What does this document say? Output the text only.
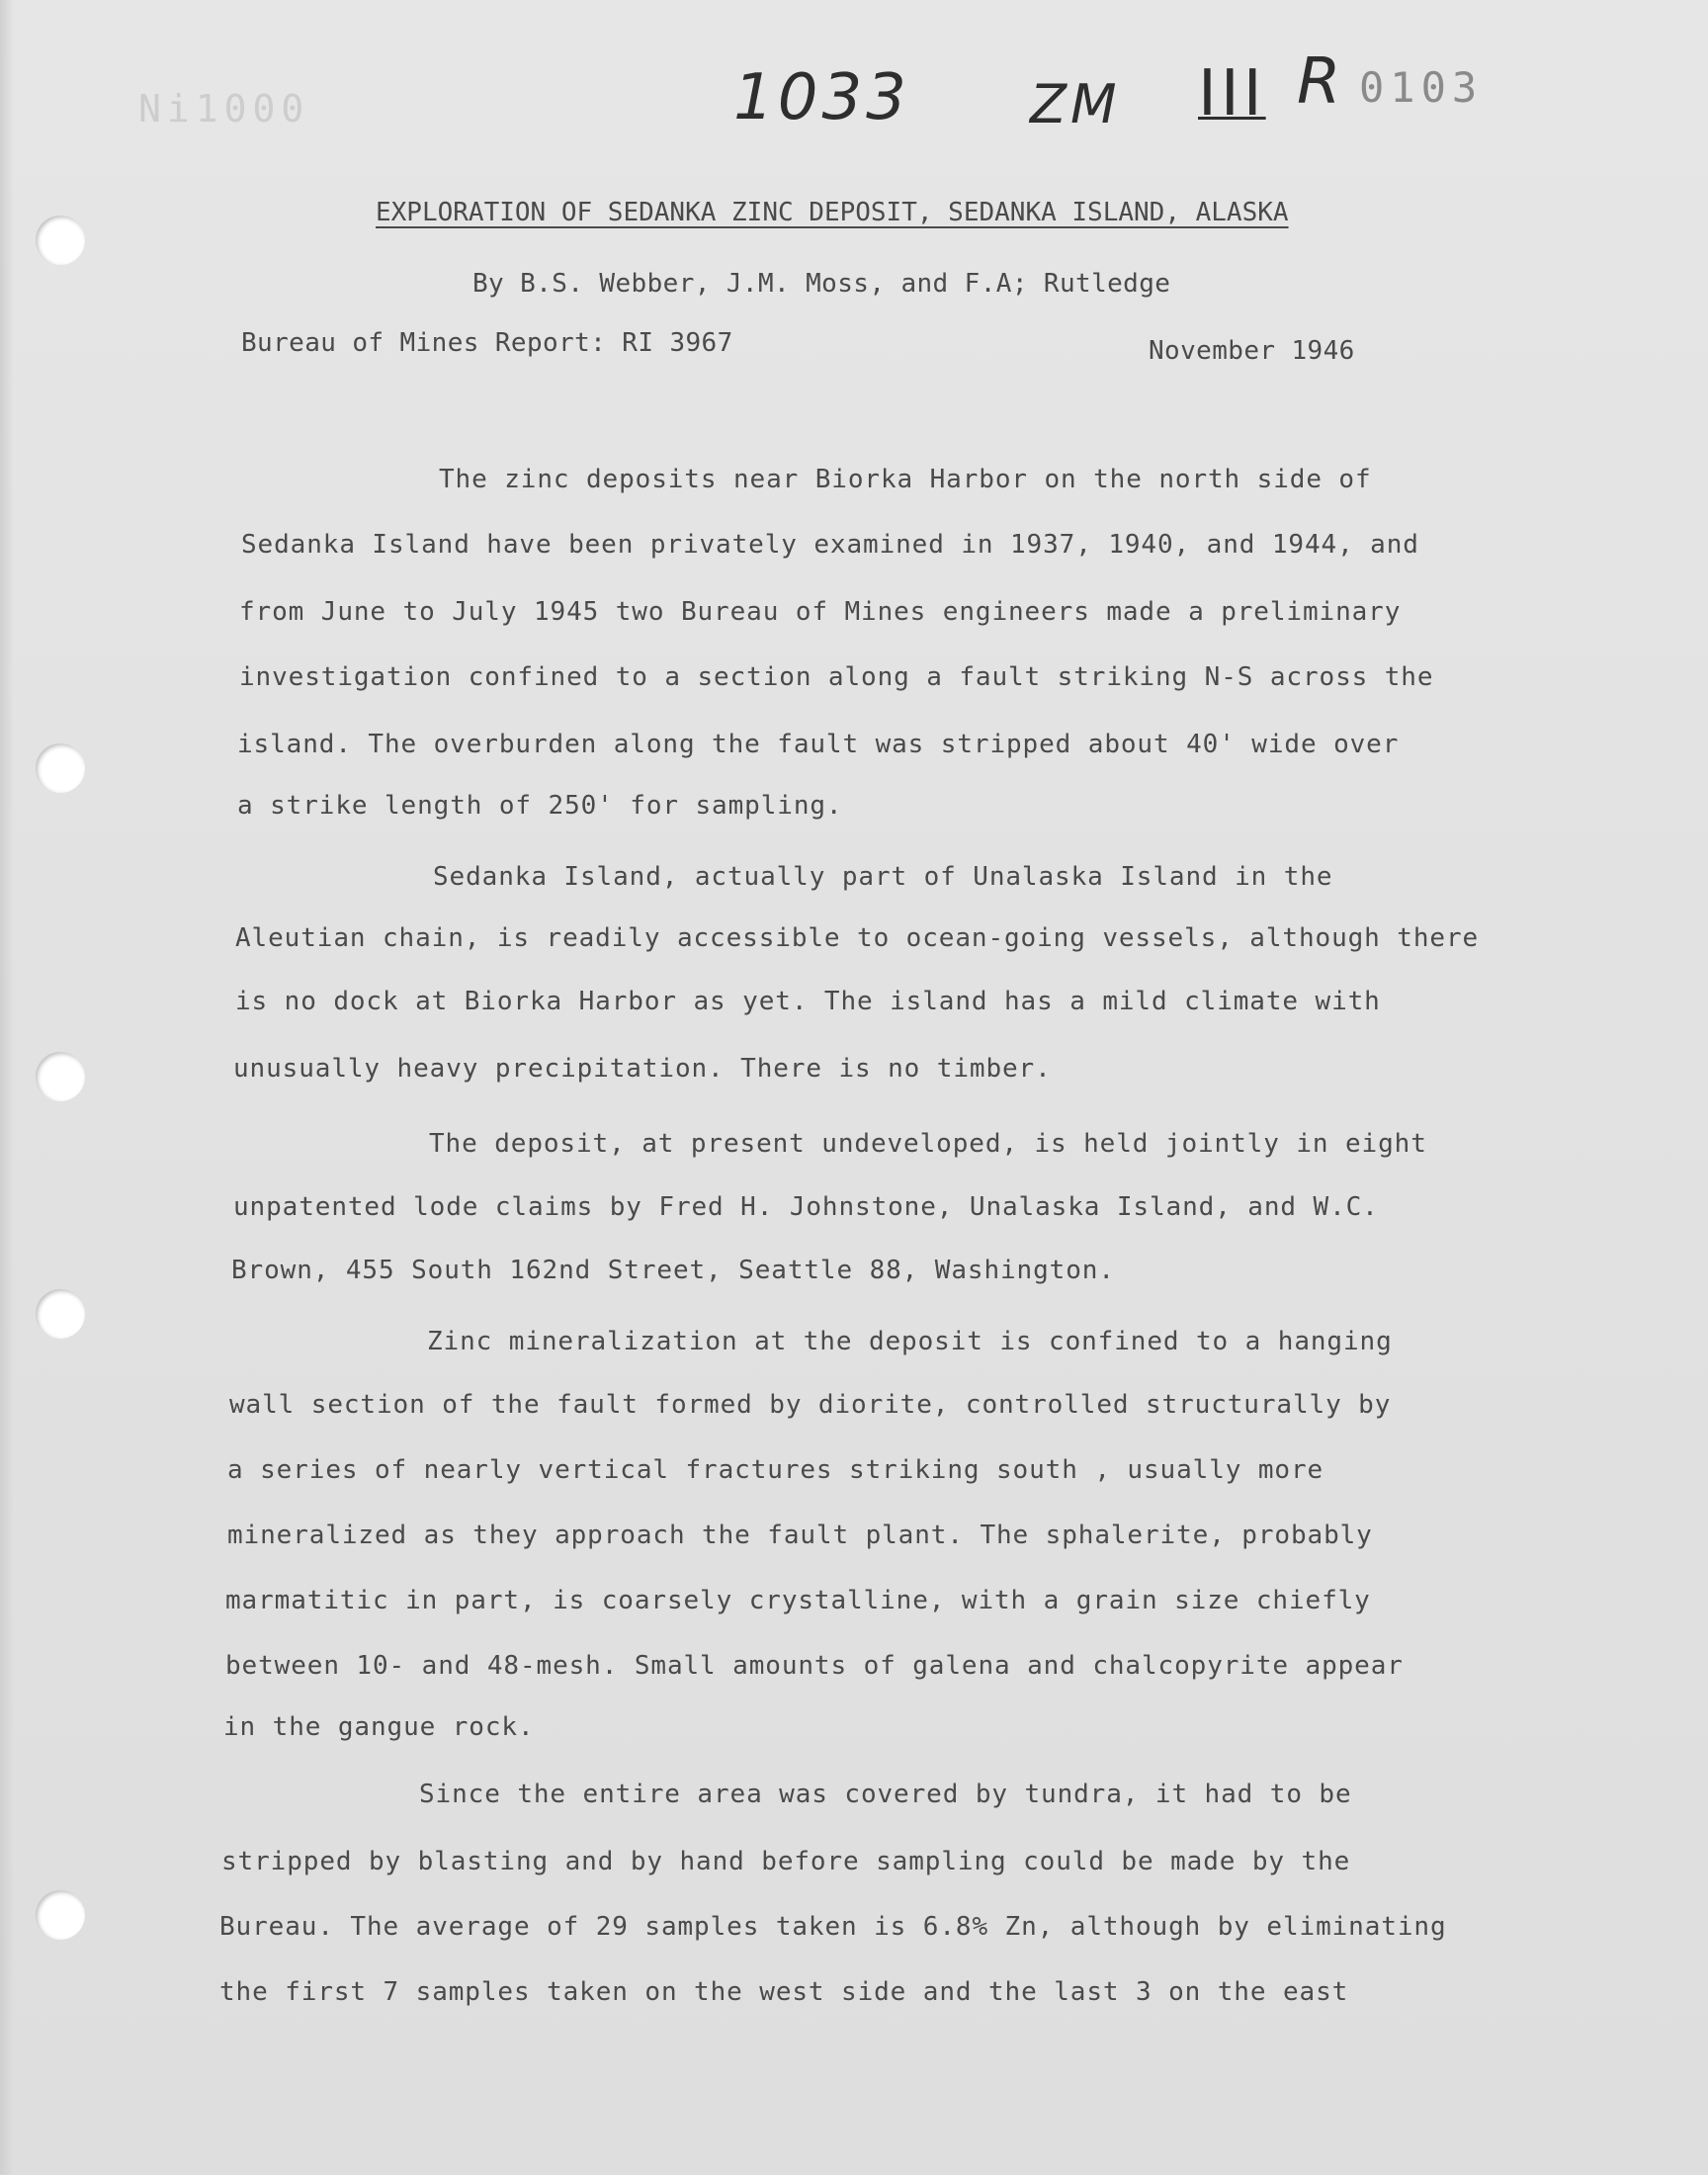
Ni1000	1033 ZM III R 0103
EXPLORATION OF SEDANKA ZINC DEPOSIT, SEDANKA ISLAND, ALASKA
By B.S. Webber, J.M. Moss, and F.A; Rutledge
Bureau of Mines Report: RI 3967	November 1946
The zinc deposits near Biorka Harbor on the north side of
Sedanka Island have been privately examined in 1937, 1940, and 1944, and
from June to July 1945 two Bureau of Mines engineers made a preliminary
investigation confined to a section along a fault striking N-S across the
island. The overburden along the fault was stripped about 40' wide over
a strike length of 250' for sampling.
Sedanka Island, actually part of Unalaska Island in the
Aleutian chain, is readily accessible to ocean-going vessels, although there
is no dock at Biorka Harbor as yet. The island has a mild climate with
unusually heavy precipitation. There is no timber.
The deposit, at present undeveloped, is held jointly in eight
unpatented lode claims by Fred H. Johnstone, Unalaska Island, and W.C.
Brown, 455 South 162nd Street, Seattle 88, Washington.
Zinc mineralization at the deposit is confined to a hanging
wall section of the fault formed by diorite, controlled structurally by
a series of nearly vertical fractures striking south , usually more
mineralized as they approach the fault plant. The sphalerite, probably
marmatitic in part, is coarsely crystalline, with a grain size chiefly
between 10- and 48-mesh. Small amounts of galena and chalcopyrite appear
in the gangue rock.
Since the entire area was covered by tundra, it had to be
stripped by blasting and by hand before sampling could be made by the
Bureau. The average of 29 samples taken is 6.8% Zn, although by eliminating
the first 7 samples taken on the west side and the last 3 on the east
